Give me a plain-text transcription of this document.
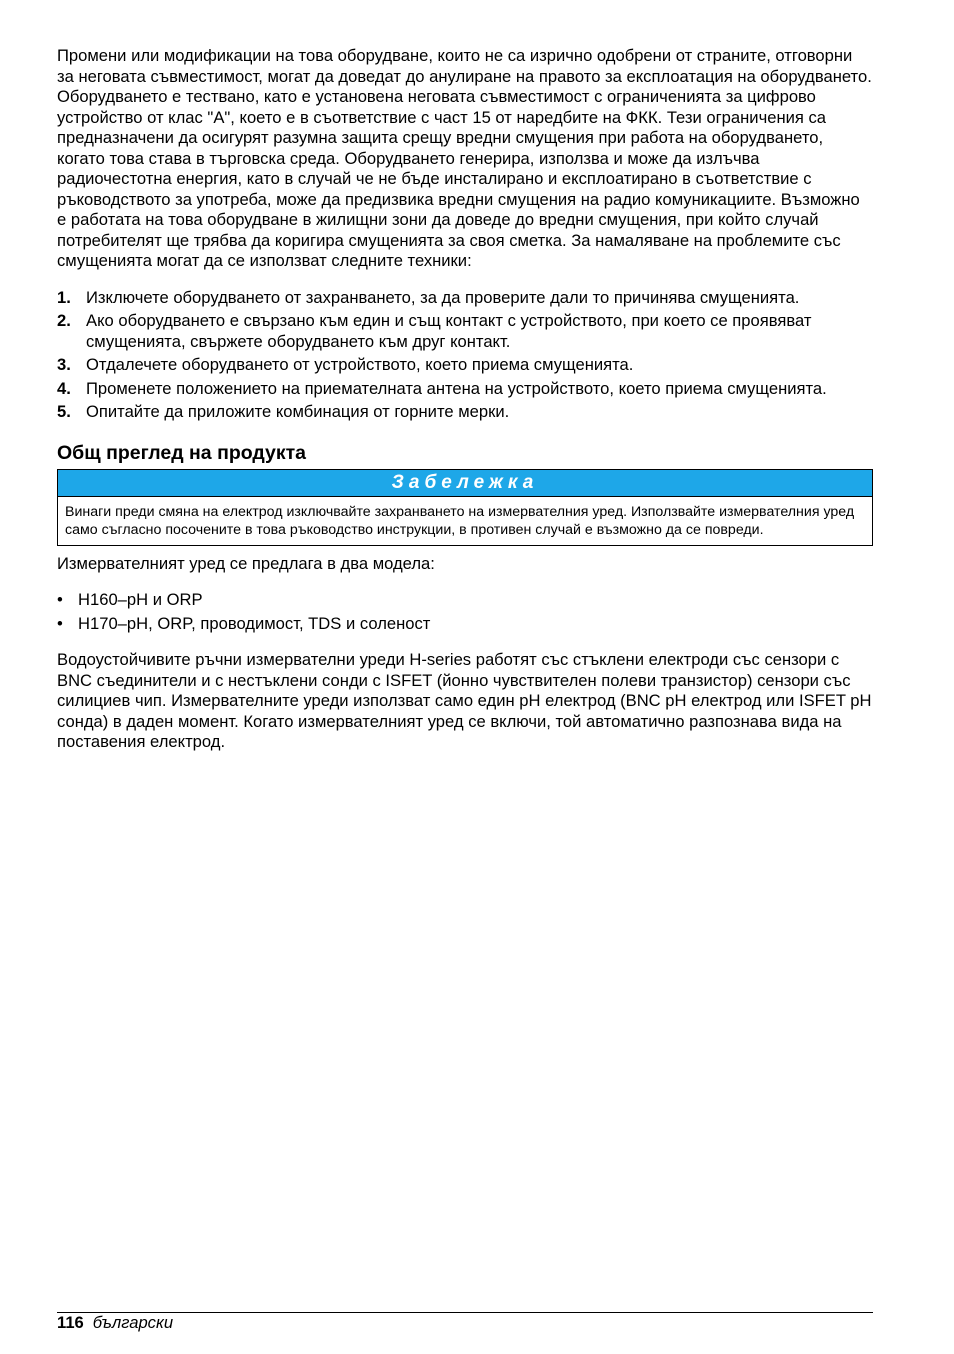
Промени или модификации на това оборудване, които не са изрично одобрени от страните, отговорни за неговата съвместимост, могат да доведат до анулиране на правото за експлоатация на оборудването. Оборудването е тествано, като е установена неговата съвместимост с ограниченията за цифрово устройство от клас "A", което е в съответствие с част 15 от наредбите на ФКК. Тези ограничения са предназначени да осигурят разумна защита срещу вредни смущения при работа на оборудването, когато това става в търговска среда. Оборудването генерира, използва и може да излъчва радиочестотна енергия, като в случай че не бъде инсталирано и експлоатирано в съответствие с ръководството за употреба, може да предизвика вредни смущения на радио комуникациите. Възможно е работата на това оборудване в жилищни зони да доведе до вредни смущения, при който случай потребителят ще трябва да коригира смущенията за своя сметка. За намаляване на проблемите със смущенията могат да се използват следните техники:

1. Изключете оборудването от захранването, за да проверите дали то причинява смущенията.
2. Ако оборудването е свързано към един и същ контакт с устройството, при което се проявяват смущенията, свържете оборудването към друг контакт.
3. Отдалечете оборудването от устройството, което приема смущенията.
4. Променете положението на приемателната антена на устройството, което приема смущенията.
5. Опитайте да приложите комбинация от горните мерки.
Общ преглед на продукта
Забележка
Винаги преди смяна на електрод изключвайте захранването на измервателния уред. Използвайте измервателния уред само съгласно посочените в това ръководство инструкции, в противен случай е възможно да се повреди.

Измервателният уред се предлага в два модела:

• H160–pH и ORP
• H170–pH, ORP, проводимост, TDS и соленост

Водоустойчивите ръчни измервателни уреди H-series работят със стъклени електроди със сензори с BNC съединители и с нестъклени сонди с ISFET (йонно чувствителен полеви транзистор) сензори със силициев чип. Измервателните уреди използват само един pH електрод (BNC pH електрод или ISFET pH сонда) в даден момент. Когато измервателният уред се включи, той автоматично разпознава вида на поставения електрод.

116 български
